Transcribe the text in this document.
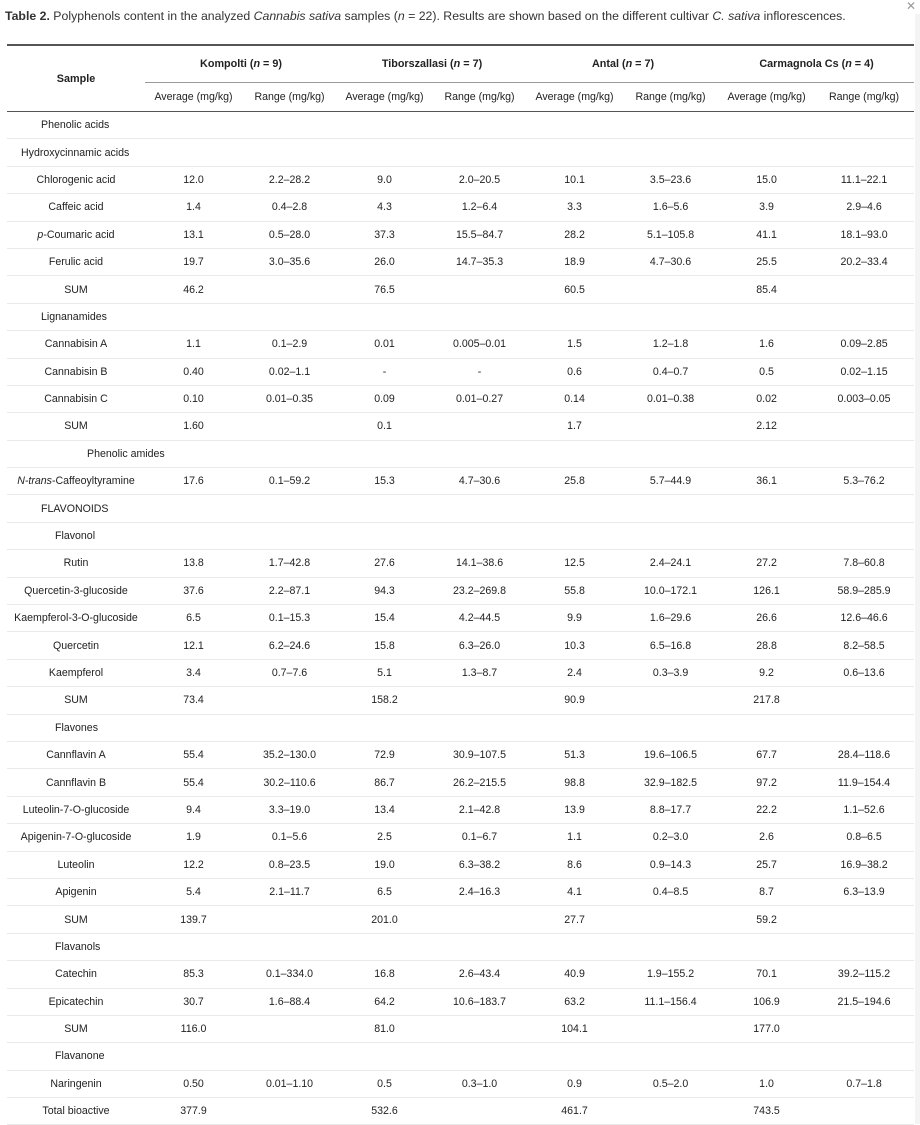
Table 2. Polyphenols content in the analyzed Cannabis sativa samples (n = 22). Results are shown based on the different cultivar C. sativa inflorescences.
✕
Sample	Kompolti (n = 9)		Tiborszallasi (n = 7)		Antal (n = 7)		Carmagnola Cs (n = 4)	
	Average (mg/kg)	Range (mg/kg)	Average (mg/kg)	Range (mg/kg)	Average (mg/kg)	Range (mg/kg)	Average (mg/kg)	Range (mg/kg)
Phenolic acids								
Hydroxycinnamic acids								
Chlorogenic acid	12.0	2.2–28.2	9.0	2.0–20.5	10.1	3.5–23.6	15.0	11.1–22.1
Caffeic acid	1.4	0.4–2.8	4.3	1.2–6.4	3.3	1.6–5.6	3.9	2.9–4.6
p-Coumaric acid	13.1	0.5–28.0	37.3	15.5–84.7	28.2	5.1–105.8	41.1	18.1–93.0
Ferulic acid	19.7	3.0–35.6	26.0	14.7–35.3	18.9	4.7–30.6	25.5	20.2–33.4
SUM	46.2		76.5		60.5		85.4	
Lignanamides								
Cannabisin A	1.1	0.1–2.9	0.01	0.005–0.01	1.5	1.2–1.8	1.6	0.09–2.85
Cannabisin B	0.40	0.02–1.1	-	-	0.6	0.4–0.7	0.5	0.02–1.15
Cannabisin C	0.10	0.01–0.35	0.09	0.01–0.27	0.14	0.01–0.38	0.02	0.003–0.05
SUM	1.60		0.1		1.7		2.12	
Phenolic amides								
N-trans-Caffeoyltyramine	17.6	0.1–59.2	15.3	4.7–30.6	25.8	5.7–44.9	36.1	5.3–76.2
FLAVONOIDS								
Flavonol								
Rutin	13.8	1.7–42.8	27.6	14.1–38.6	12.5	2.4–24.1	27.2	7.8–60.8
Quercetin-3-glucoside	37.6	2.2–87.1	94.3	23.2–269.8	55.8	10.0–172.1	126.1	58.9–285.9
Kaempferol-3-O-glucoside	6.5	0.1–15.3	15.4	4.2–44.5	9.9	1.6–29.6	26.6	12.6–46.6
Quercetin	12.1	6.2–24.6	15.8	6.3–26.0	10.3	6.5–16.8	28.8	8.2–58.5
Kaempferol	3.4	0.7–7.6	5.1	1.3–8.7	2.4	0.3–3.9	9.2	0.6–13.6
SUM	73.4		158.2		90.9		217.8	
Flavones								
Cannflavin A	55.4	35.2–130.0	72.9	30.9–107.5	51.3	19.6–106.5	67.7	28.4–118.6
Cannflavin B	55.4	30.2–110.6	86.7	26.2–215.5	98.8	32.9–182.5	97.2	11.9–154.4
Luteolin-7-O-glucoside	9.4	3.3–19.0	13.4	2.1–42.8	13.9	8.8–17.7	22.2	1.1–52.6
Apigenin-7-O-glucoside	1.9	0.1–5.6	2.5	0.1–6.7	1.1	0.2–3.0	2.6	0.8–6.5
Luteolin	12.2	0.8–23.5	19.0	6.3–38.2	8.6	0.9–14.3	25.7	16.9–38.2
Apigenin	5.4	2.1–11.7	6.5	2.4–16.3	4.1	0.4–8.5	8.7	6.3–13.9
SUM	139.7		201.0		27.7		59.2	
Flavanols								
Catechin	85.3	0.1–334.0	16.8	2.6–43.4	40.9	1.9–155.2	70.1	39.2–115.2
Epicatechin	30.7	1.6–88.4	64.2	10.6–183.7	63.2	11.1–156.4	106.9	21.5–194.6
SUM	116.0		81.0		104.1		177.0	
Flavanone								
Naringenin	0.50	0.01–1.10	0.5	0.3–1.0	0.9	0.5–2.0	1.0	0.7–1.8
Total bioactive	377.9		532.6		461.7		743.5	
